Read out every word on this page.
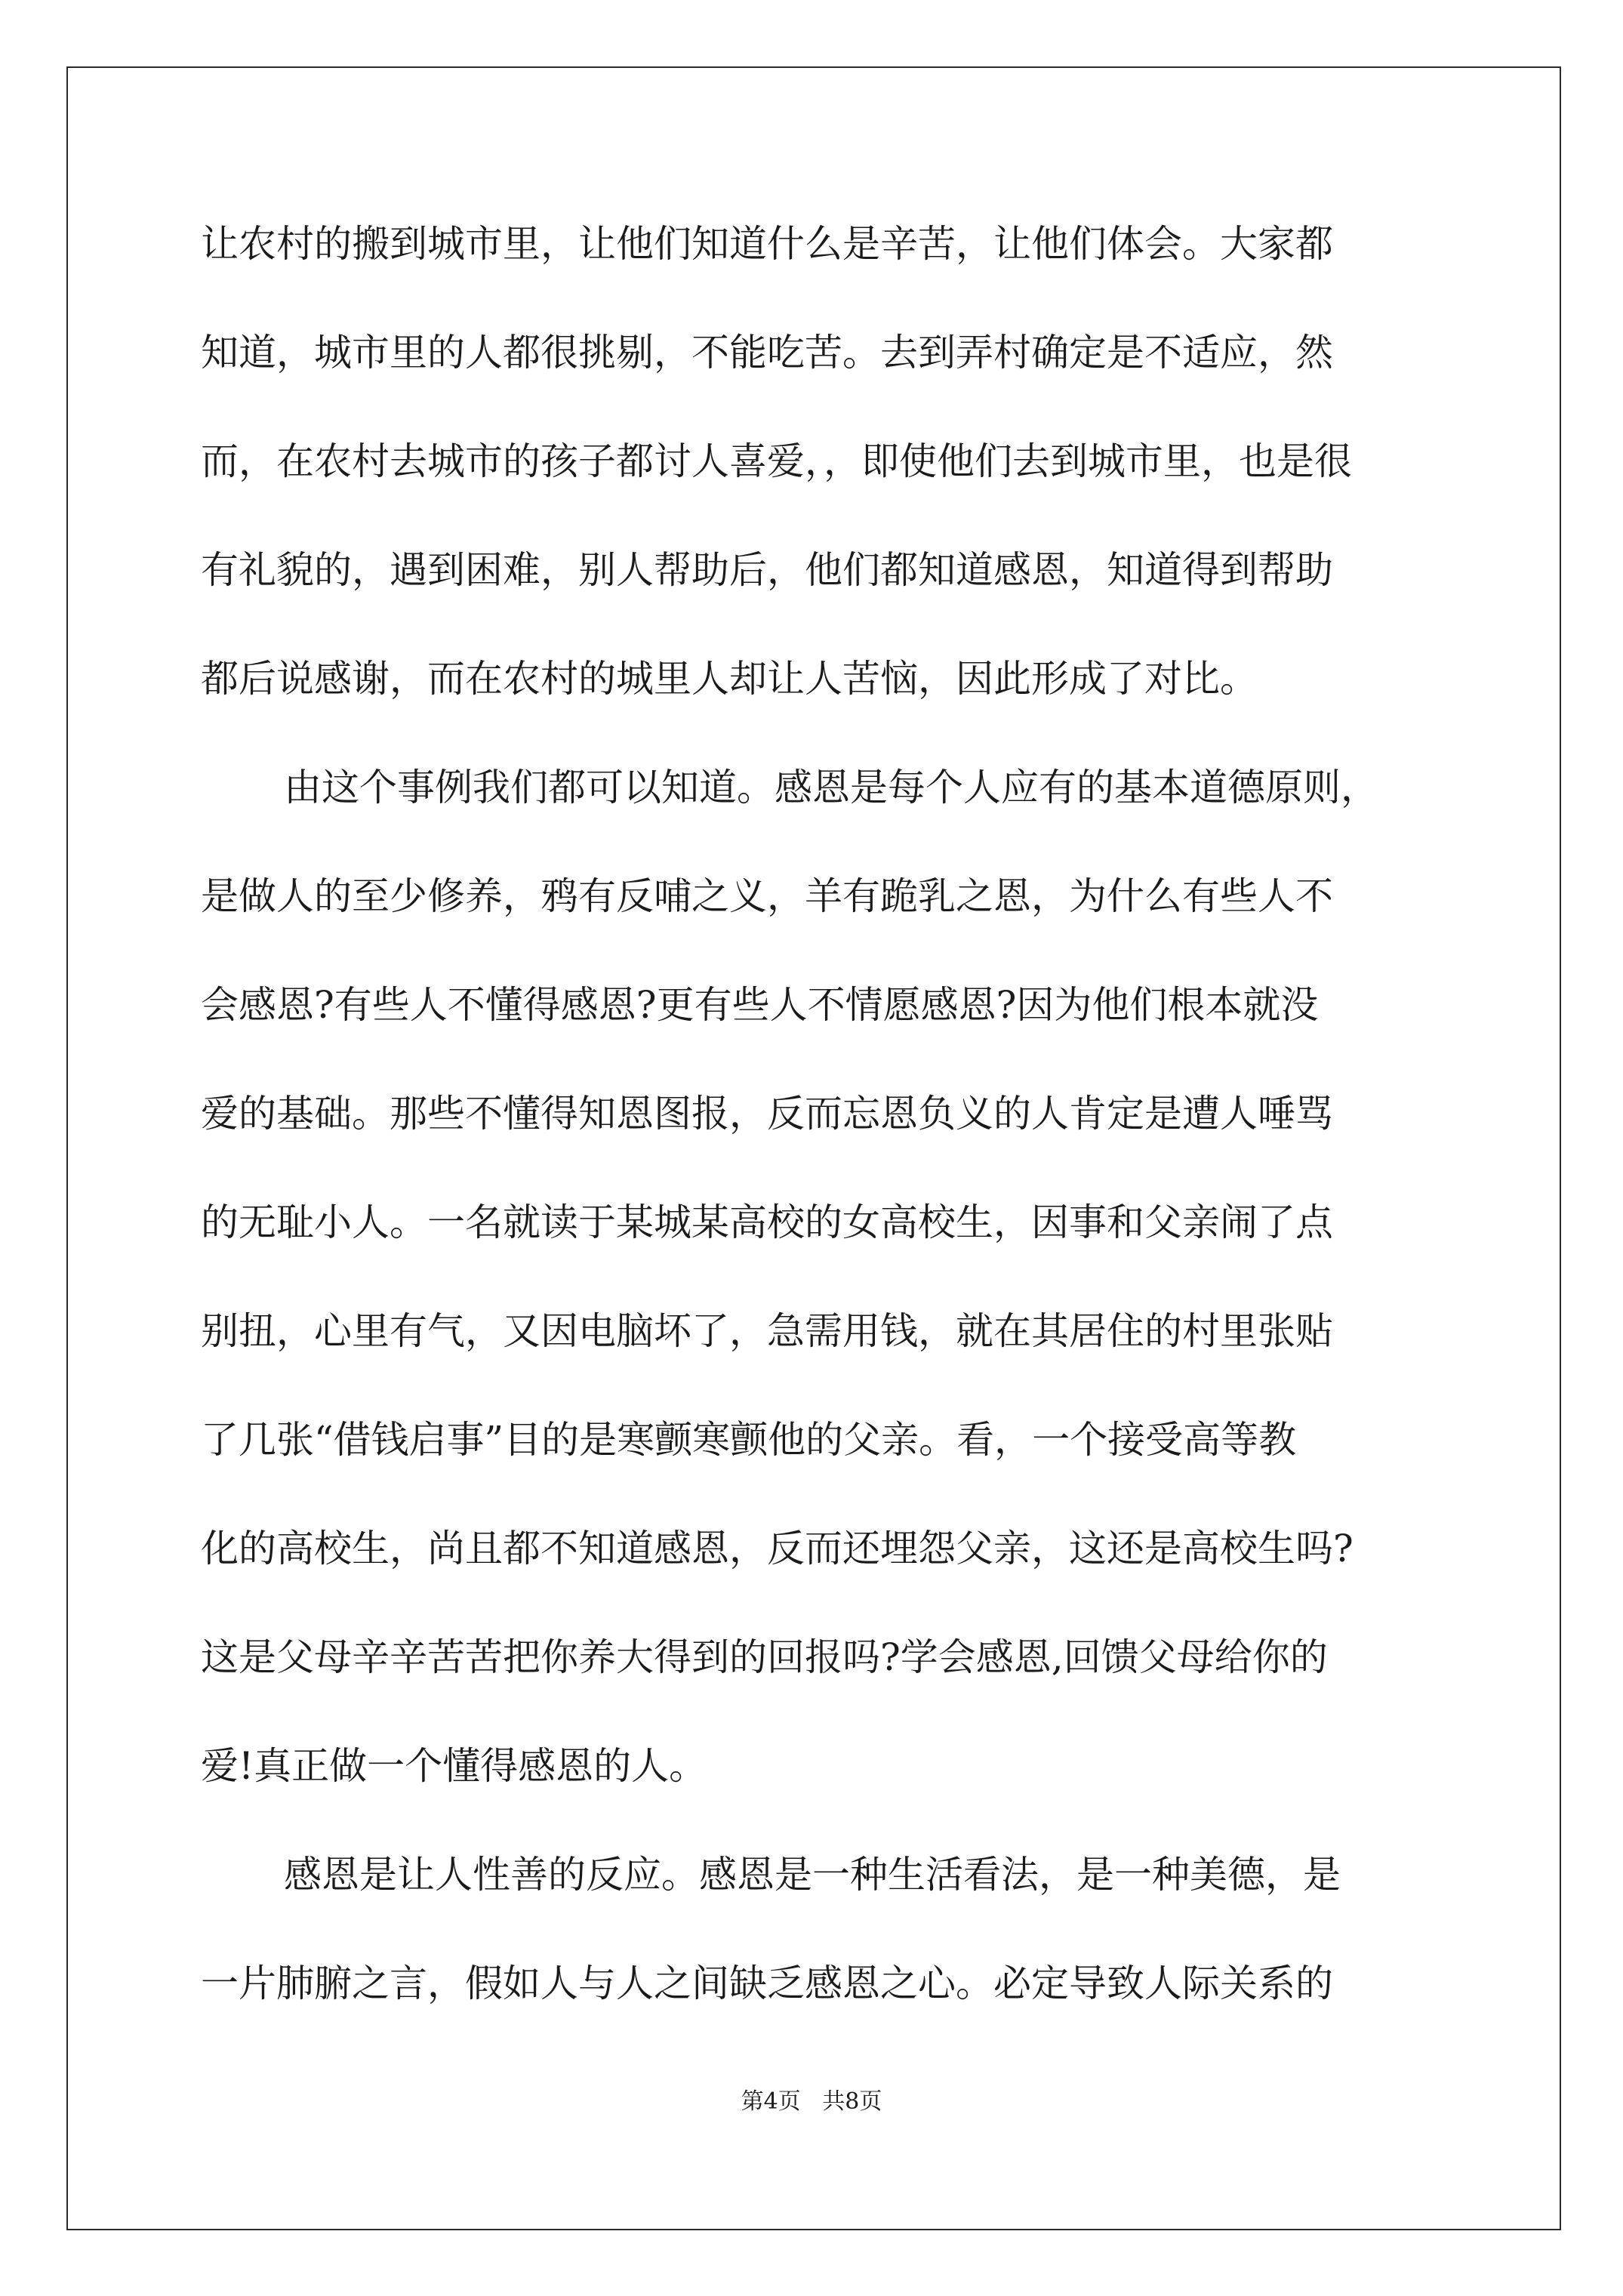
让农村的搬到城市里，让他们知道什么是辛苦，让他们体会。大家都
知道，城市里的人都很挑剔，不能吃苦。去到弄村确定是不适应，然
而，在农村去城市的孩子都讨人喜爱，，即使他们去到城市里，也是很
有礼貌的，遇到困难，别人帮助后，他们都知道感恩，知道得到帮助
都后说感谢，而在农村的城里人却让人苦恼，因此形成了对比。
由这个事例我们都可以知道。感恩是每个人应有的基本道德原则，
是做人的至少修养，鸦有反哺之义，羊有跪乳之恩，为什么有些人不
会感恩?有些人不懂得感恩?更有些人不情愿感恩?因为他们根本就没
爱的基础。那些不懂得知恩图报，反而忘恩负义的人肯定是遭人唾骂
的无耻小人。一名就读于某城某高校的女高校生，因事和父亲闹了点
别扭，心里有气，又因电脑坏了，急需用钱，就在其居住的村里张贴
了几张“借钱启事”目的是寒颤寒颤他的父亲。看，一个接受高等教
化的高校生，尚且都不知道感恩，反而还埋怨父亲，这还是高校生吗?
这是父母辛辛苦苦把你养大得到的回报吗?学会感恩,回馈父母给你的
爱!真正做一个懂得感恩的人。
感恩是让人性善的反应。感恩是一种生活看法，是一种美德，是
一片肺腑之言，假如人与人之间缺乏感恩之心。必定导致人际关系的
第4页   共8页
